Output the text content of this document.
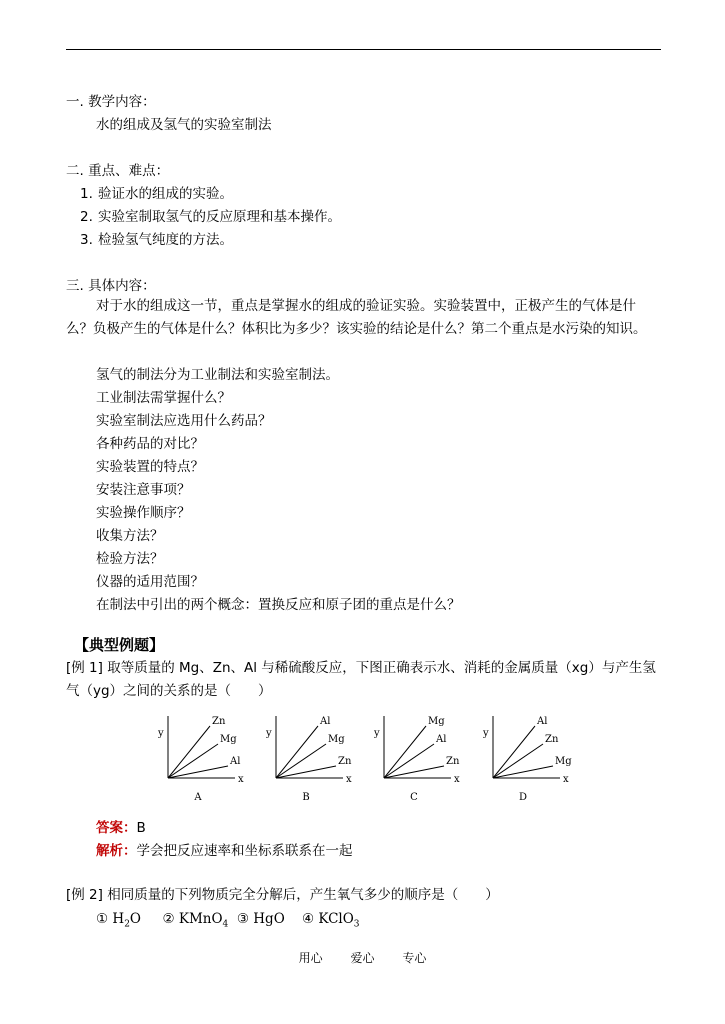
一. 教学内容：
水的组成及氢气的实验室制法
二. 重点、难点：
1. 验证水的组成的实验。
2. 实验室制取氢气的反应原理和基本操作。
3. 检验氢气纯度的方法。
三. 具体内容：
对于水的组成这一节，重点是掌握水的组成的验证实验。实验装置中，正极产生的气体是什么？负极产生的气体是什么？体积比为多少？该实验的结论是什么？第二个重点是水污染的知识。
氢气的制法分为工业制法和实验室制法。
工业制法需掌握什么？
实验室制法应选用什么药品？
各种药品的对比？
实验装置的特点？
安装注意事项？
实验操作顺序？
收集方法？
检验方法？
仪器的适用范围？
在制法中引出的两个概念：置换反应和原子团的重点是什么？
【典型例题】
[例 1] 取等质量的 Mg、Zn、Al 与稀硫酸反应，下图正确表示水、消耗的金属质量（xg）与产生氢气（yg）之间的关系的是（　　）
y
x
Zn
Mg
Al
A
y
x
Al
Mg
Zn
B
y
x
Mg
Al
Zn
C
y
x
Al
Zn
Mg
D
答案：B
解析：学会把反应速率和坐标系联系在一起
[例 2] 相同质量的下列物质完全分解后，产生氧气多少的顺序是（　　）
① $H_2O$ ② KMnO$_4$ ③ HgO ④ KClO$_3$
用心 爱心 专心
